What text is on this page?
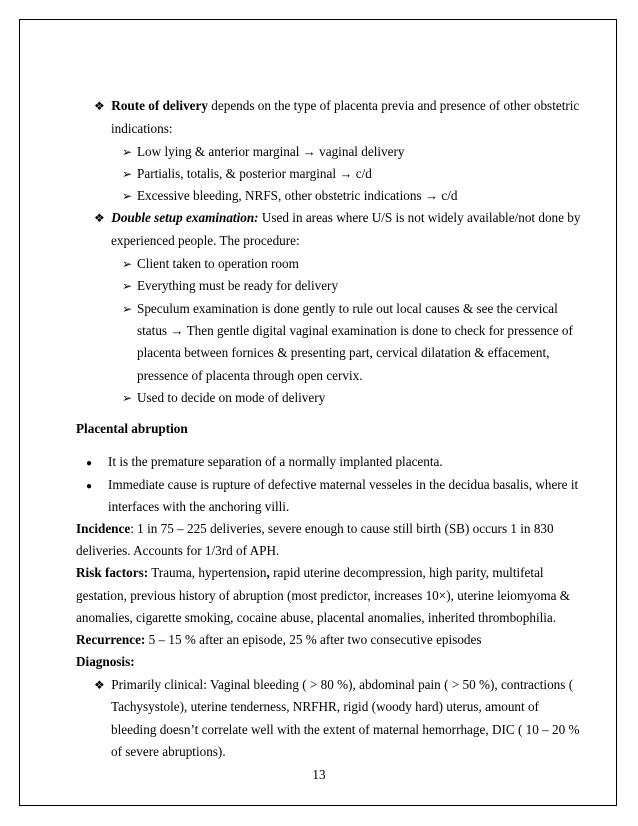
❖ Route of delivery depends on the type of placenta previa and presence of other obstetric
indications:
➢ Low lying & anterior marginal → vaginal delivery
➢ Partialis, totalis, & posterior marginal → c/d
➢ Excessive bleeding, NRFS, other obstetric indications → c/d
❖ Double setup examination: Used in areas where U/S is not widely available/not done by
experienced people. The procedure:
➢ Client taken to operation room
➢ Everything must be ready for delivery
➢ Speculum examination is done gently to rule out local causes & see the cervical
status → Then gentle digital vaginal examination is done to check for pressence of
placenta between fornices & presenting part, cervical dilatation & effacement,
pressence of placenta through open cervix.
➢ Used to decide on mode of delivery
Placental abruption
● It is the premature separation of a normally implanted placenta.
● Immediate cause is rupture of defective maternal vesseles in the decidua basalis, where it
interfaces with the anchoring villi.
Incidence: 1 in 75 – 225 deliveries, severe enough to cause still birth (SB) occurs 1 in 830
deliveries. Accounts for 1/3rd of APH.
Risk factors: Trauma, hypertension, rapid uterine decompression, high parity, multifetal
gestation, previous history of abruption (most predictor, increases 10×), uterine leiomyoma &
anomalies, cigarette smoking, cocaine abuse, placental anomalies, inherited thrombophilia.
Recurrence: 5 – 15 % after an episode, 25 % after two consecutive episodes
Diagnosis:
❖ Primarily clinical: Vaginal bleeding ( > 80 %), abdominal pain ( > 50 %), contractions (
Tachysystole), uterine tenderness, NRFHR, rigid (woody hard) uterus, amount of
bleeding doesn’t correlate well with the extent of maternal hemorrhage, DIC ( 10 – 20 %
of severe abruptions).
13
